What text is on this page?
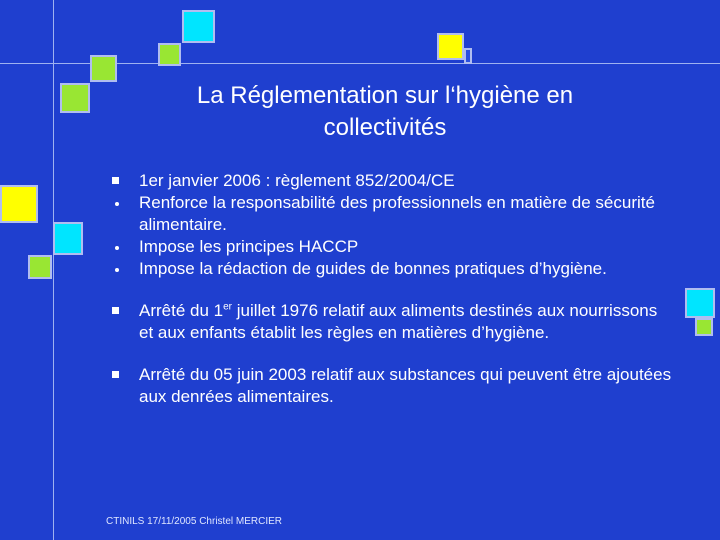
La Réglementation sur l‘hygiène en collectivités
1er janvier 2006 : règlement 852/2004/CE
Renforce la responsabilité des professionnels en matière de sécurité alimentaire.
Impose les principes HACCP
Impose la rédaction de guides de bonnes pratiques d’hygiène.
Arrêté du 1er juillet 1976 relatif aux aliments destinés aux nourrissons et aux enfants établit les règles en matières d’hygiène.
Arrêté du 05 juin 2003 relatif aux substances qui peuvent être ajoutées aux denrées alimentaires.
CTINILS 17/11/2005 Christel MERCIER
